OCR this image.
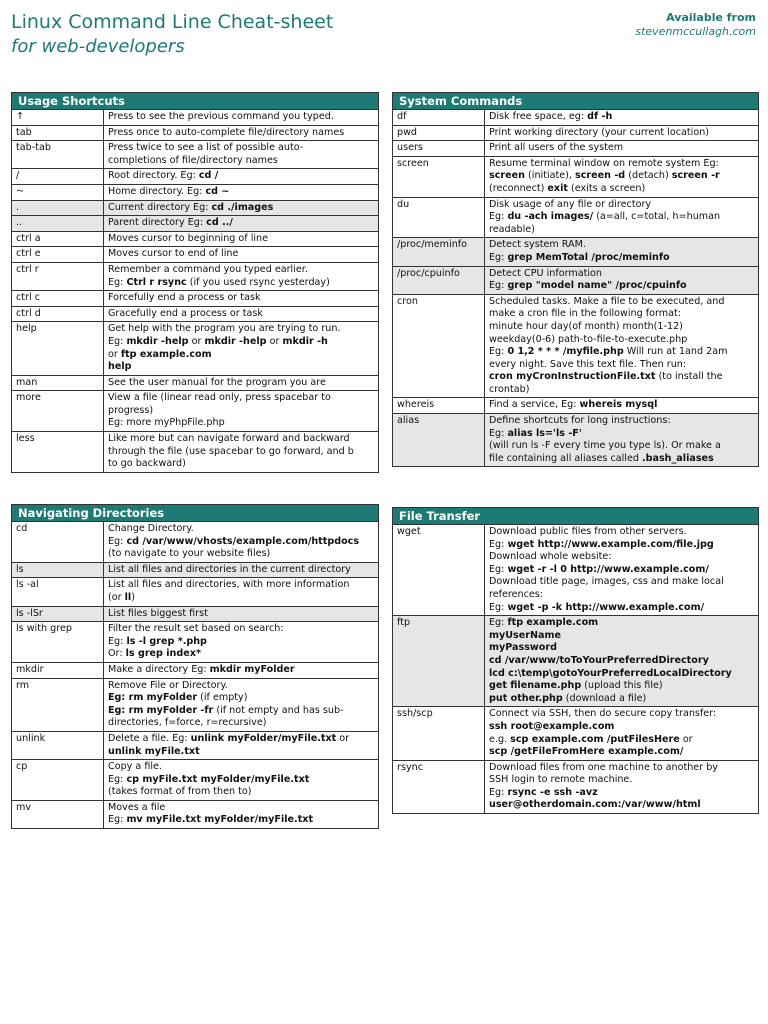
Linux Command Line Cheat-sheet
for web-developers
Available from
stevenmccullagh.com
Usage Shortcuts
↑	Press to see the previous command you typed.
tab	Press once to auto-complete file/directory names
tab-tab	Press twice to see a list of possible auto-
completions of file/directory names
/	Root directory. Eg: cd /
~	Home directory. Eg: cd ~
.	Current directory Eg: cd ./images
..	Parent directory Eg: cd ../
ctrl a	Moves cursor to beginning of line
ctrl e	Moves cursor to end of line
ctrl r	Remember a command you typed earlier.
Eg: Ctrl r rsync (if you used rsync yesterday)
ctrl c	Forcefully end a process or task
ctrl d	Gracefully end a process or task
help	Get help with the program you are trying to run.
Eg: mkdir -help or mkdir -help or mkdir -h
or ftp example.com
help
man	See the user manual for the program you are
more	View a file (linear read only, press spacebar to
progress)
Eg: more myPhpFile.php
less	Like more but can navigate forward and backward
through the file (use spacebar to go forward, and b
to go backward)
System Commands
df	Disk free space, eg: df -h
pwd	Print working directory (your current location)
users	Print all users of the system
screen	Resume terminal window on remote system Eg:
screen (initiate), screen -d (detach) screen -r
(reconnect) exit (exits a screen)
du	Disk usage of any file or directory
Eg: du -ach images/ (a=all, c=total, h=human
readable)
/proc/meminfo	Detect system RAM.
Eg: grep MemTotal /proc/meminfo
/proc/cpuinfo	Detect CPU information
Eg: grep "model name" /proc/cpuinfo
cron	Scheduled tasks. Make a file to be executed, and
make a cron file in the following format:
minute hour day(of month) month(1-12)
weekday(0-6) path-to-file-to-execute.php
Eg: 0 1,2 * * * /myfile.php Will run at 1and 2am
every night. Save this text file. Then run:
cron myCronInstructionFile.txt (to install the
crontab)
whereis	Find a service, Eg: whereis mysql
alias	Define shortcuts for long instructions:
Eg: alias ls='ls -F'
(will run ls -F every time you type ls). Or make a
file containing all aliases called .bash_aliases
Navigating Directories
cd	Change Directory.
Eg: cd /var/www/vhosts/example.com/httpdocs
(to navigate to your website files)
ls	List all files and directories in the current directory
ls -al	List all files and directories, with more information
(or ll)
ls -lSr	List files biggest first
ls with grep	Filter the result set based on search:
Eg: ls -l grep *.php
Or: ls grep index*
mkdir	Make a directory Eg: mkdir myFolder
rm	Remove File or Directory.
Eg: rm myFolder (if empty)
Eg: rm myFolder -fr (if not empty and has sub-
directories, f=force, r=recursive)
unlink	Delete a file. Eg: unlink myFolder/myFile.txt or
unlink myFile.txt
cp	Copy a file.
Eg: cp myFile.txt myFolder/myFile.txt
(takes format of from then to)
mv	Moves a file
Eg: mv myFile.txt myFolder/myFile.txt
File Transfer
wget	Download public files from other servers.
Eg: wget http://www.example.com/file.jpg
Download whole website:
Eg: wget -r -l 0 http://www.example.com/
Download title page, images, css and make local
references:
Eg: wget -p -k http://www.example.com/
ftp	Eg: ftp example.com
myUserName
myPassword
cd /var/www/toToYourPreferredDirectory
lcd c:\temp\gotoYourPreferredLocalDirectory
get filename.php (upload this file)
put other.php (download a file)
ssh/scp	Connect via SSH, then do secure copy transfer:
ssh root@example.com
e.g. scp example.com /putFilesHere or
scp /getFileFromHere example.com/
rsync	Download files from one machine to another by
SSH login to remote machine.
Eg: rsync -e ssh -avz
user@otherdomain.com:/var/www/html
